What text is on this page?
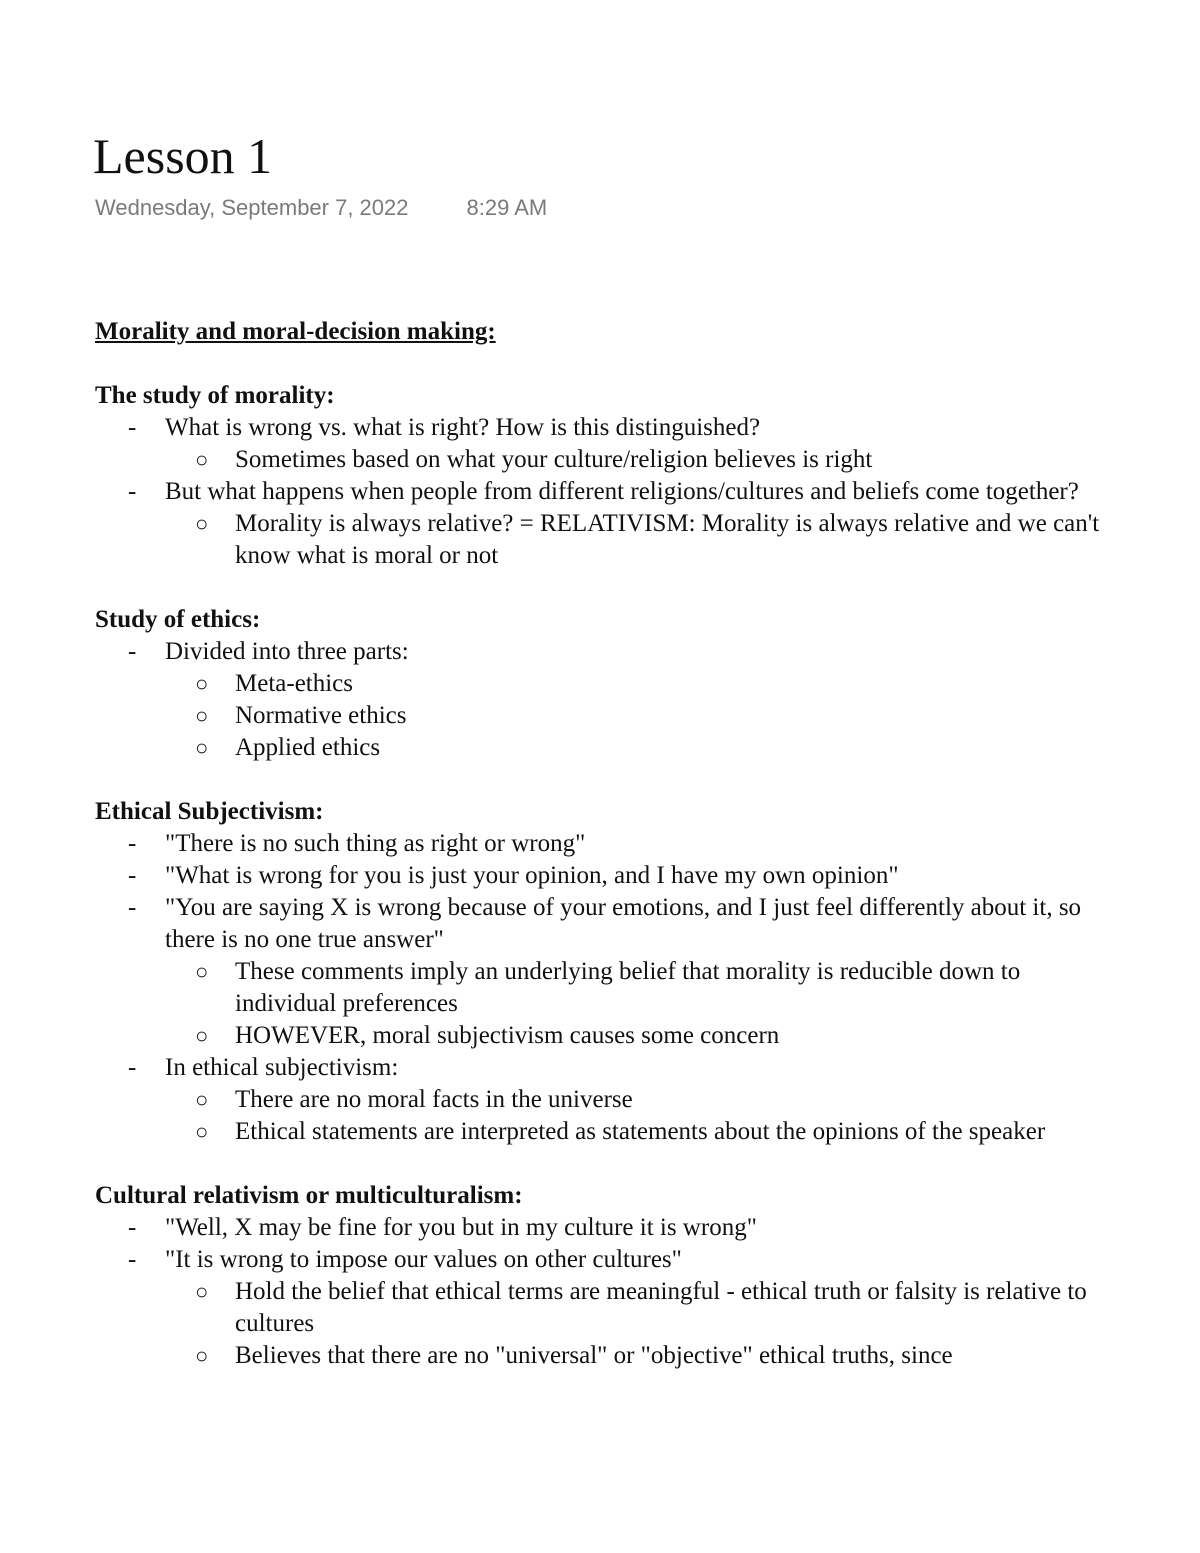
Lesson 1
Wednesday, September 7, 2022	8:29 AM

Morality and moral-decision making:

The study of morality:

- What is wrong vs. what is right? How is this distinguished?
○ Sometimes based on what your culture/religion believes is right
- But what happens when people from different religions/cultures and beliefs come together?
○ Morality is always relative? = RELATIVISM: Morality is always relative and we can't know what is moral or not

Study of ethics:

- Divided into three parts:
○ Meta-ethics
○ Normative ethics
○ Applied ethics

Ethical Subjectivism:

- "There is no such thing as right or wrong"
- "What is wrong for you is just your opinion, and I have my own opinion"
- "You are saying X is wrong because of your emotions, and I just feel differently about it, so there is no one true answer"
○ These comments imply an underlying belief that morality is reducible down to individual preferences
○ HOWEVER, moral subjectivism causes some concern
- In ethical subjectivism:
○ There are no moral facts in the universe
○ Ethical statements are interpreted as statements about the opinions of the speaker

Cultural relativism or multiculturalism:

- "Well, X may be fine for you but in my culture it is wrong"
- "It is wrong to impose our values on other cultures"
○ Hold the belief that ethical terms are meaningful - ethical truth or falsity is relative to cultures
○ Believes that there are no "universal" or "objective" ethical truths, since
